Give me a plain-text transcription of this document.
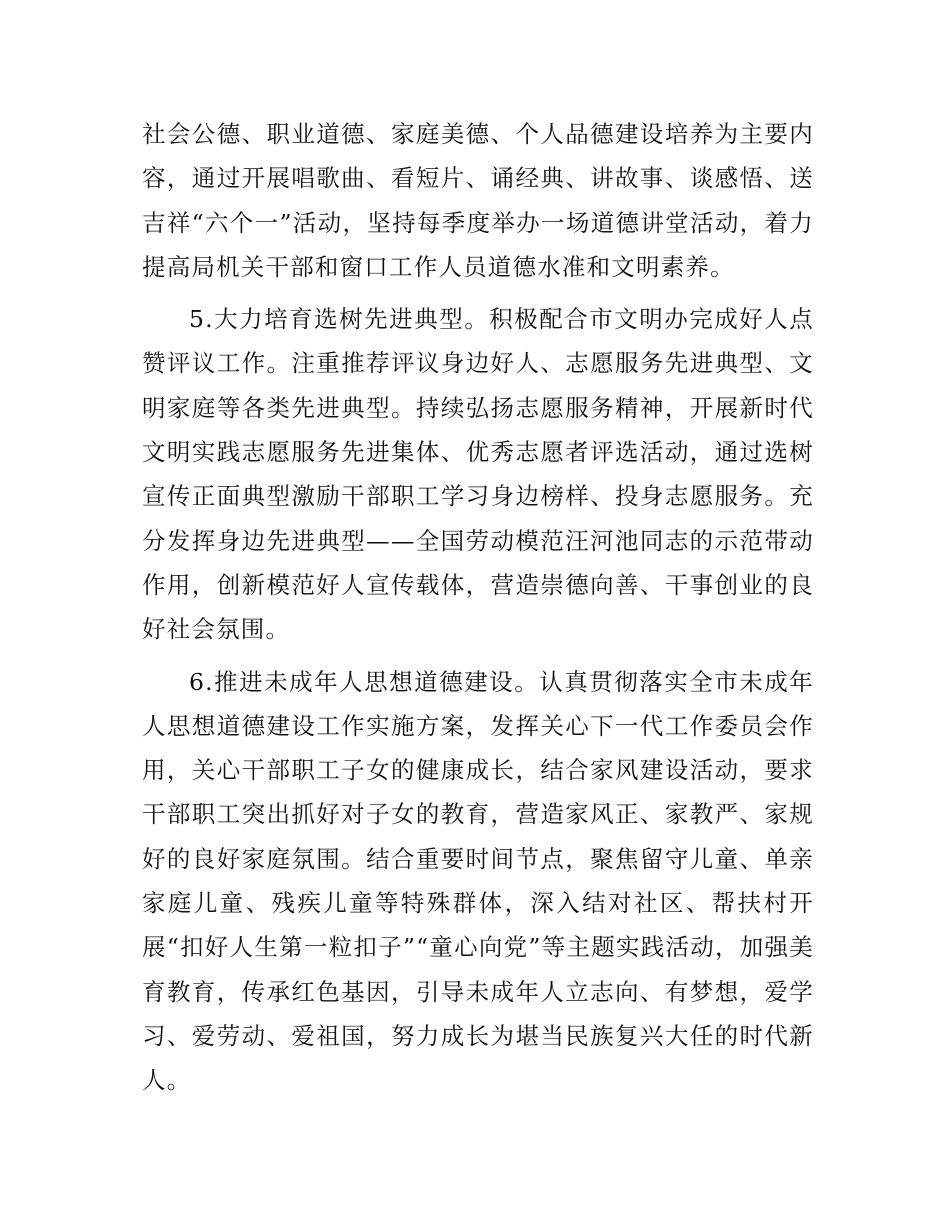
社会公德、职业道德、家庭美德、个人品德建设培养为主要内容，通过开展唱歌曲、看短片、诵经典、讲故事、谈感悟、送吉祥“六个一”活动，坚持每季度举办一场道德讲堂活动，着力提高局机关干部和窗口工作人员道德水准和文明素养。

5.大力培育选树先进典型。积极配合市文明办完成好人点赞评议工作。注重推荐评议身边好人、志愿服务先进典型、文明家庭等各类先进典型。持续弘扬志愿服务精神，开展新时代文明实践志愿服务先进集体、优秀志愿者评选活动，通过选树宣传正面典型激励干部职工学习身边榜样、投身志愿服务。充分发挥身边先进典型——全国劳动模范汪河池同志的示范带动作用，创新模范好人宣传载体，营造崇德向善、干事创业的良好社会氛围。

6.推进未成年人思想道德建设。认真贯彻落实全市未成年人思想道德建设工作实施方案，发挥关心下一代工作委员会作用，关心干部职工子女的健康成长，结合家风建设活动，要求干部职工突出抓好对子女的教育，营造家风正、家教严、家规好的良好家庭氛围。结合重要时间节点，聚焦留守儿童、单亲家庭儿童、残疾儿童等特殊群体，深入结对社区、帮扶村开展“扣好人生第一粒扣子”“童心向党”等主题实践活动，加强美育教育，传承红色基因，引导未成年人立志向、有梦想，爱学习、爱劳动、爱祖国，努力成长为堪当民族复兴大任的时代新人。
